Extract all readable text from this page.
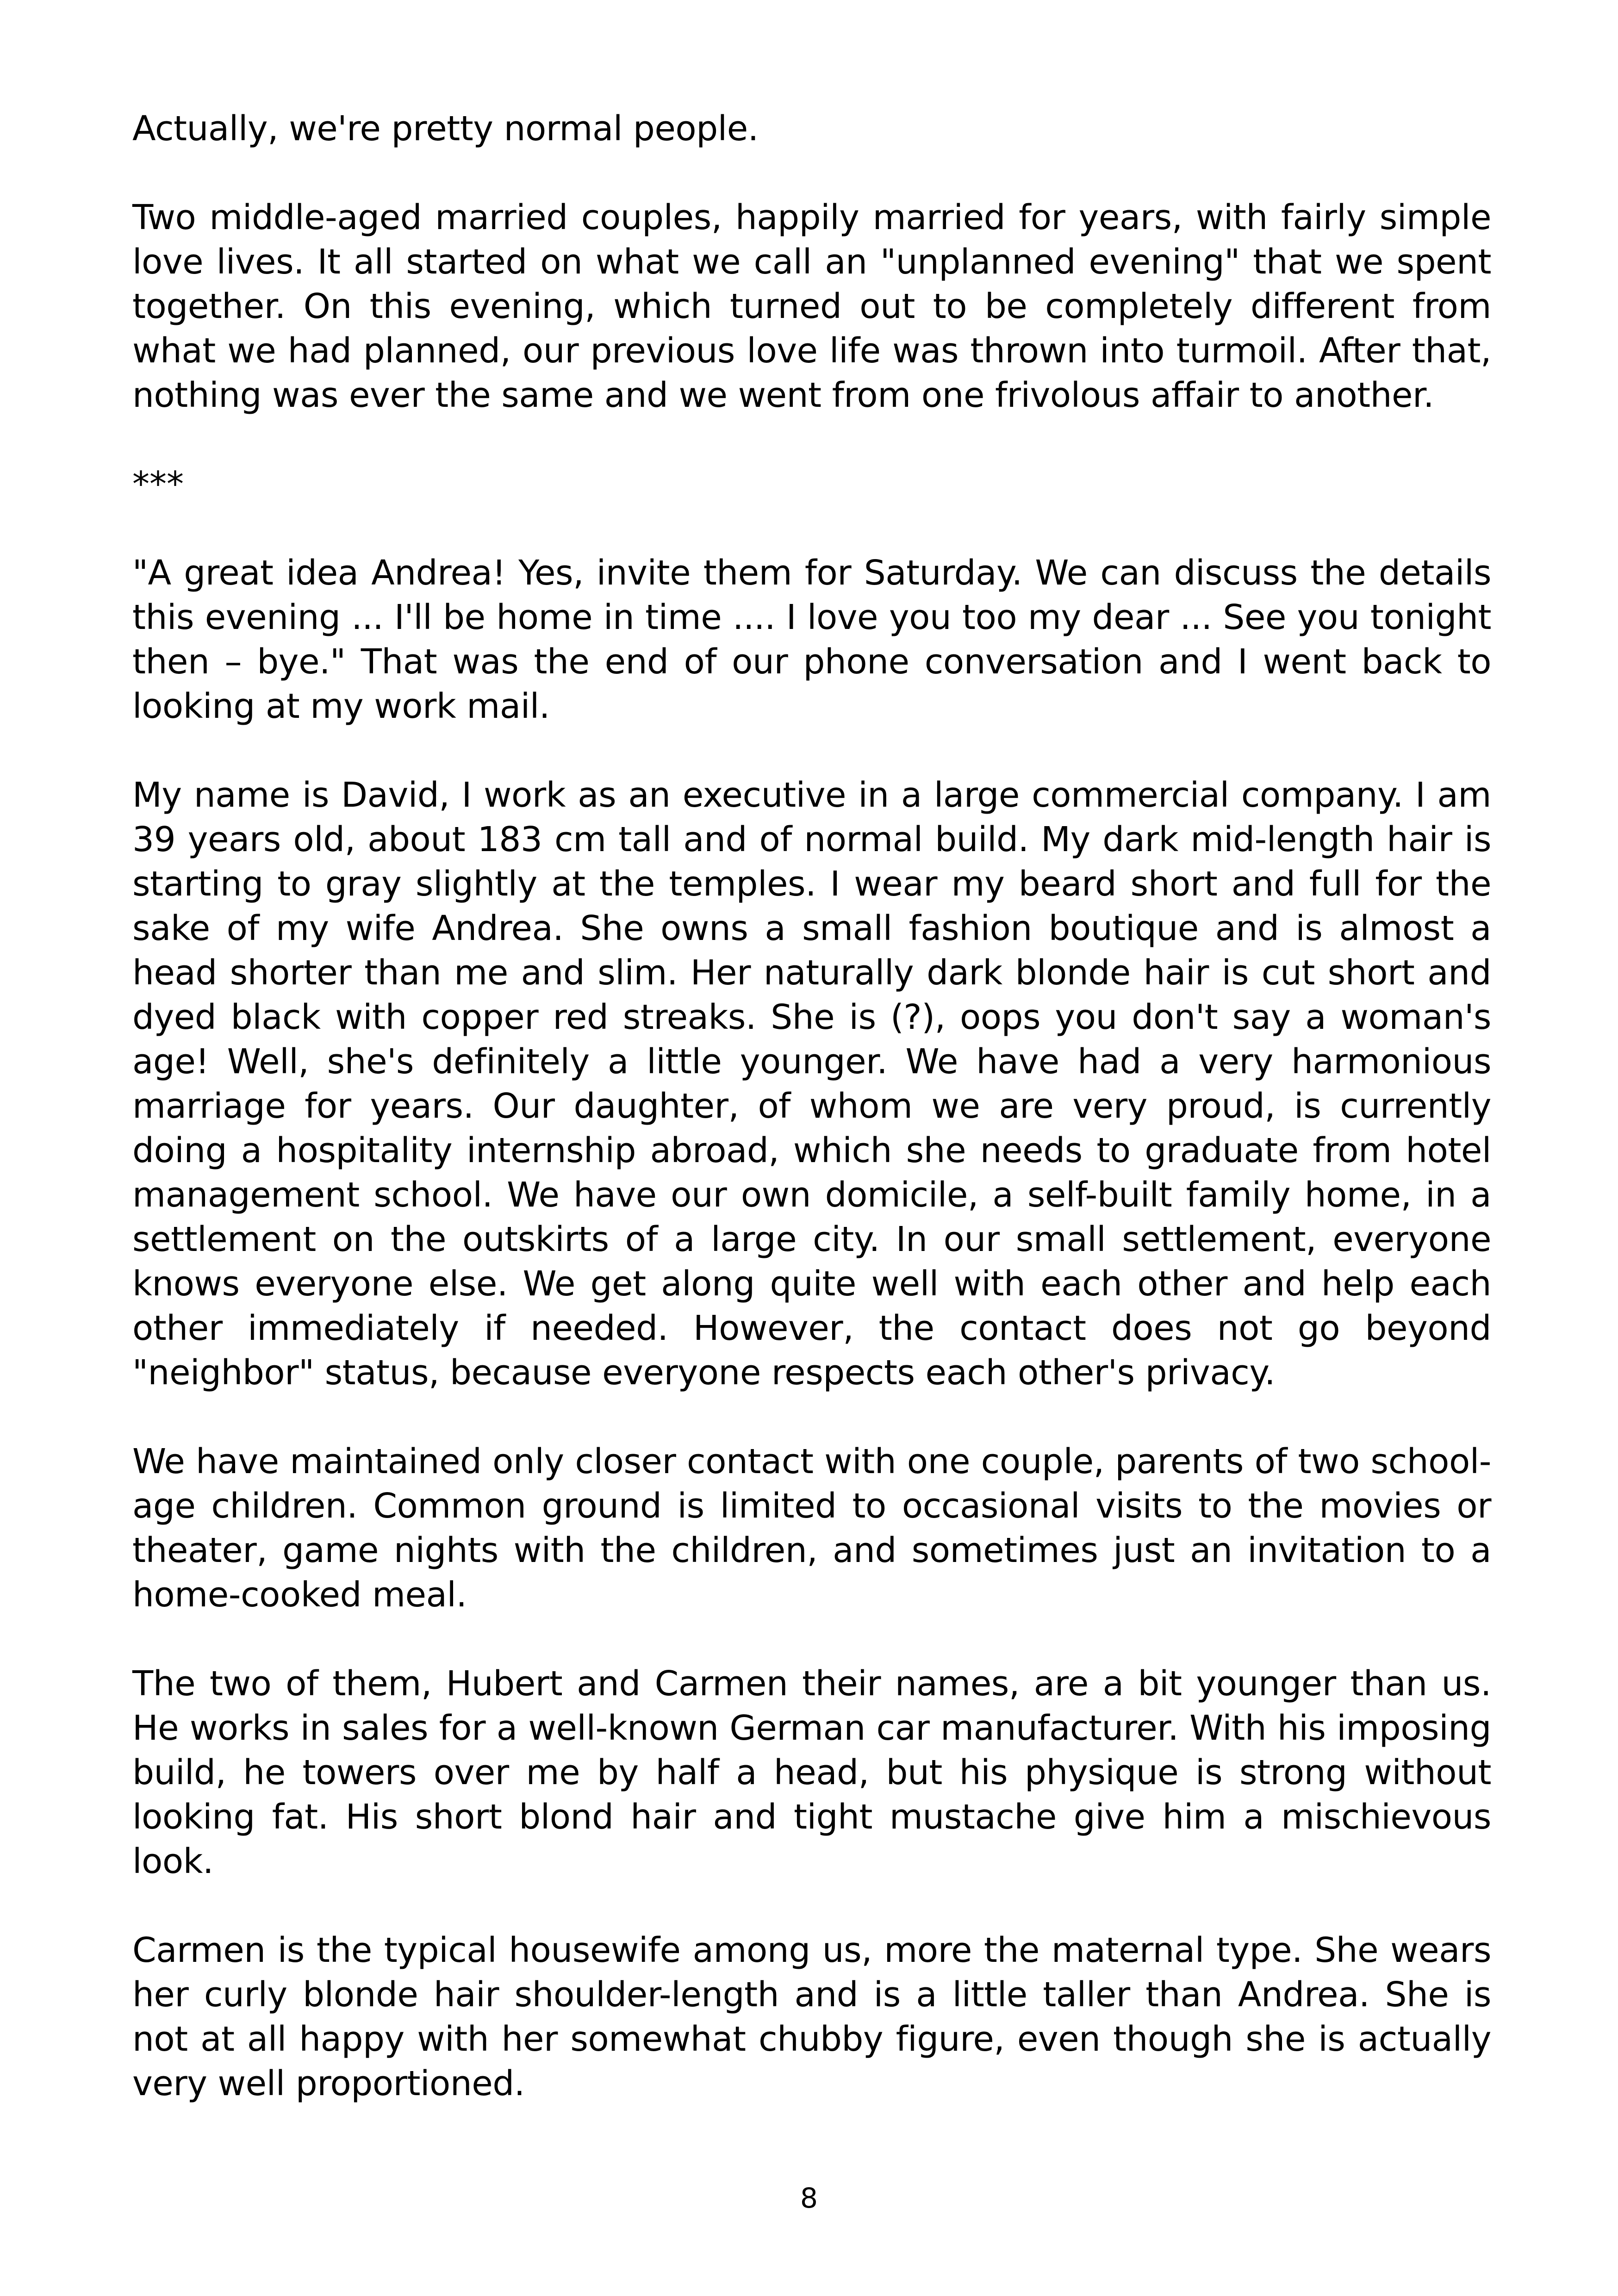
Actually, we're pretty normal people.

Two middle-aged married couples, happily married for years, with fairly simple love lives. It all started on what we call an "unplanned evening" that we spent together. On this evening, which turned out to be completely different from what we had planned, our previous love life was thrown into turmoil. After that, nothing was ever the same and we went from one frivolous affair to another.

***

"A great idea Andrea! Yes, invite them for Saturday. We can discuss the details this evening ... I'll be home in time .... I love you too my dear ... See you tonight then – bye." That was the end of our phone conversation and I went back to looking at my work mail.

My name is David, I work as an executive in a large commercial company. I am 39 years old, about 183 cm tall and of normal build. My dark mid-length hair is starting to gray slightly at the temples. I wear my beard short and full for the sake of my wife Andrea. She owns a small fashion boutique and is almost a head shorter than me and slim. Her naturally dark blonde hair is cut short and dyed black with copper red streaks. She is (?), oops you don't say a woman's age! Well, she's definitely a little younger. We have had a very harmonious marriage for years. Our daughter, of whom we are very proud, is currently doing a hospitality internship abroad, which she needs to graduate from hotel management school. We have our own domicile, a self-built family home, in a settlement on the outskirts of a large city. In our small settlement, everyone knows everyone else. We get along quite well with each other and help each other immediately if needed. However, the contact does not go beyond "neighbor" status, because everyone respects each other's privacy.

We have maintained only closer contact with one couple, parents of two school-age children. Common ground is limited to occasional visits to the movies or theater, game nights with the children, and sometimes just an invitation to a home-cooked meal.

The two of them, Hubert and Carmen their names, are a bit younger than us. He works in sales for a well-known German car manufacturer. With his imposing build, he towers over me by half a head, but his physique is strong without looking fat. His short blond hair and tight mustache give him a mischievous look.

Carmen is the typical housewife among us, more the maternal type. She wears her curly blonde hair shoulder-length and is a little taller than Andrea. She is not at all happy with her somewhat chubby figure, even though she is actually very well proportioned.

8
